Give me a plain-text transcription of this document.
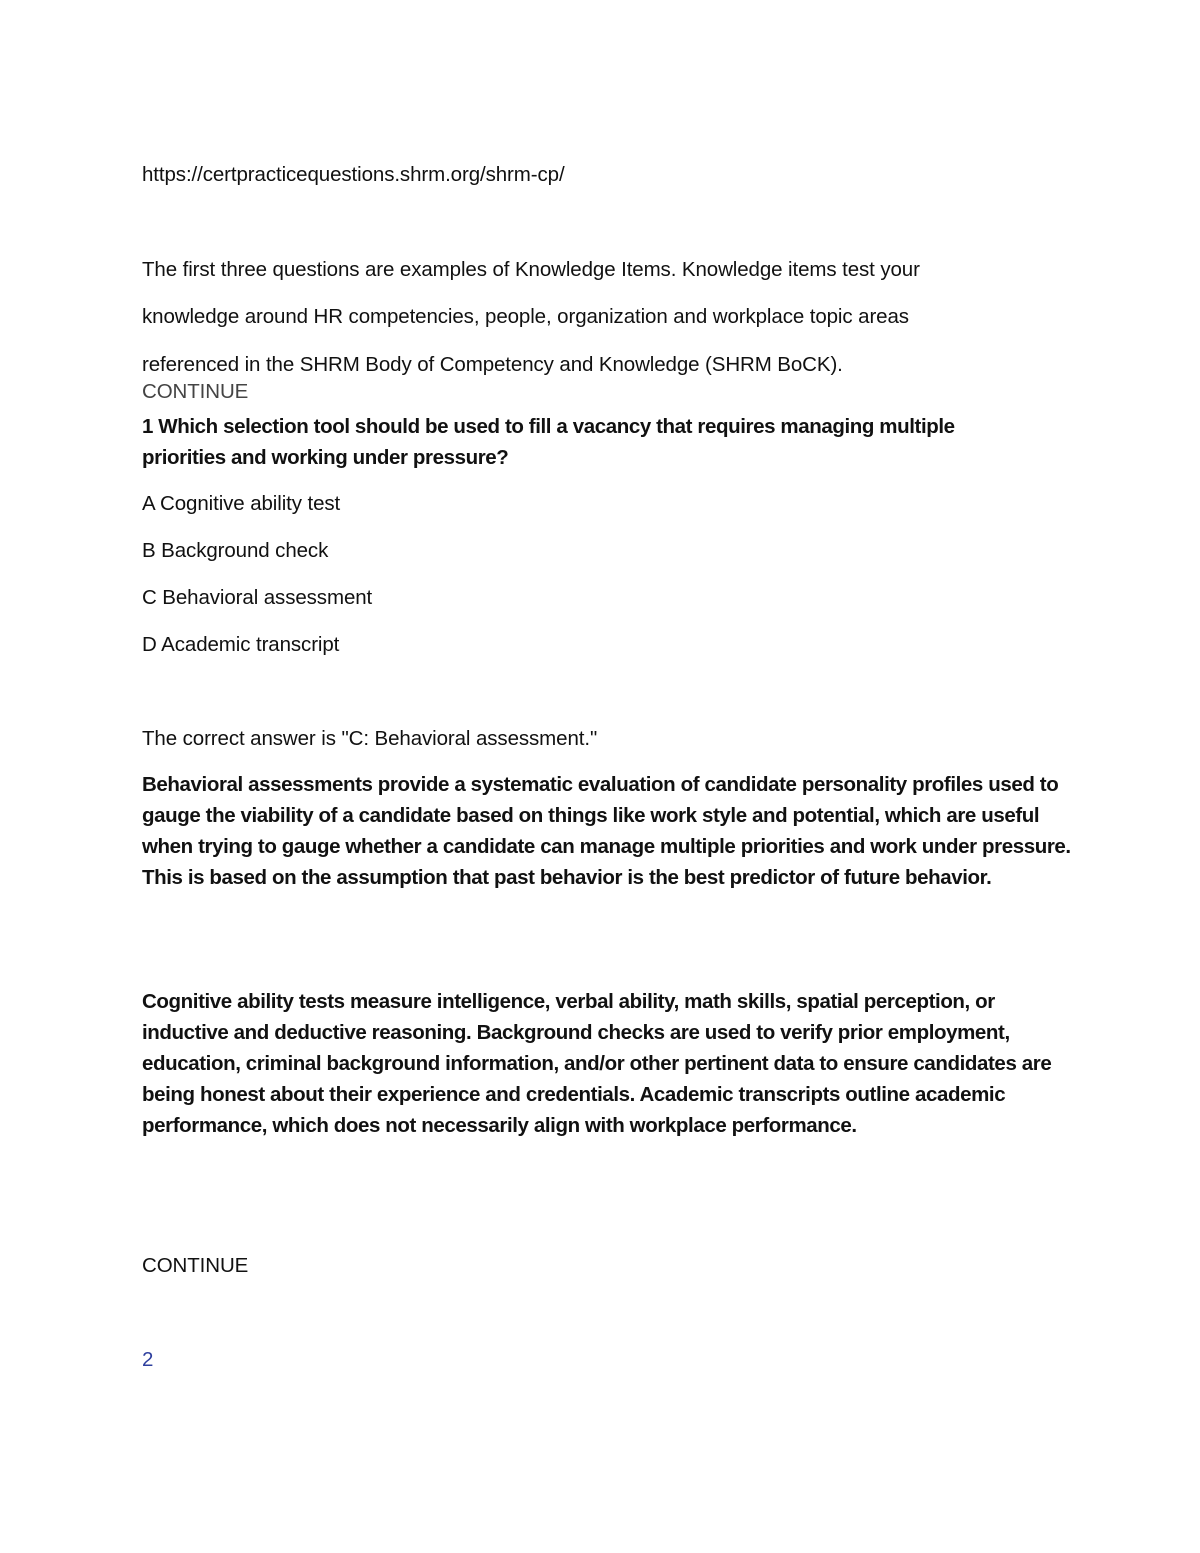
https://certpracticequestions.shrm.org/shrm-cp/
The first three questions are examples of Knowledge Items. Knowledge items test your
knowledge around HR competencies, people, organization and workplace topic areas
referenced in the SHRM Body of Competency and Knowledge (SHRM BoCK).
CONTINUE
1 Which selection tool should be used to fill a vacancy that requires managing multiple
priorities and working under pressure?
A Cognitive ability test
B Background check
C Behavioral assessment
D Academic transcript
The correct answer is "C: Behavioral assessment."
Behavioral assessments provide a systematic evaluation of candidate personality profiles used to gauge the viability of a candidate based on things like work style and potential, which are useful when trying to gauge whether a candidate can manage multiple priorities and work under pressure. This is based on the assumption that past behavior is the best predictor of future behavior.
Cognitive ability tests measure intelligence, verbal ability, math skills, spatial perception, or inductive and deductive reasoning. Background checks are used to verify prior employment, education, criminal background information, and/or other pertinent data to ensure candidates are being honest about their experience and credentials. Academic transcripts outline academic performance, which does not necessarily align with workplace performance.
CONTINUE
2
